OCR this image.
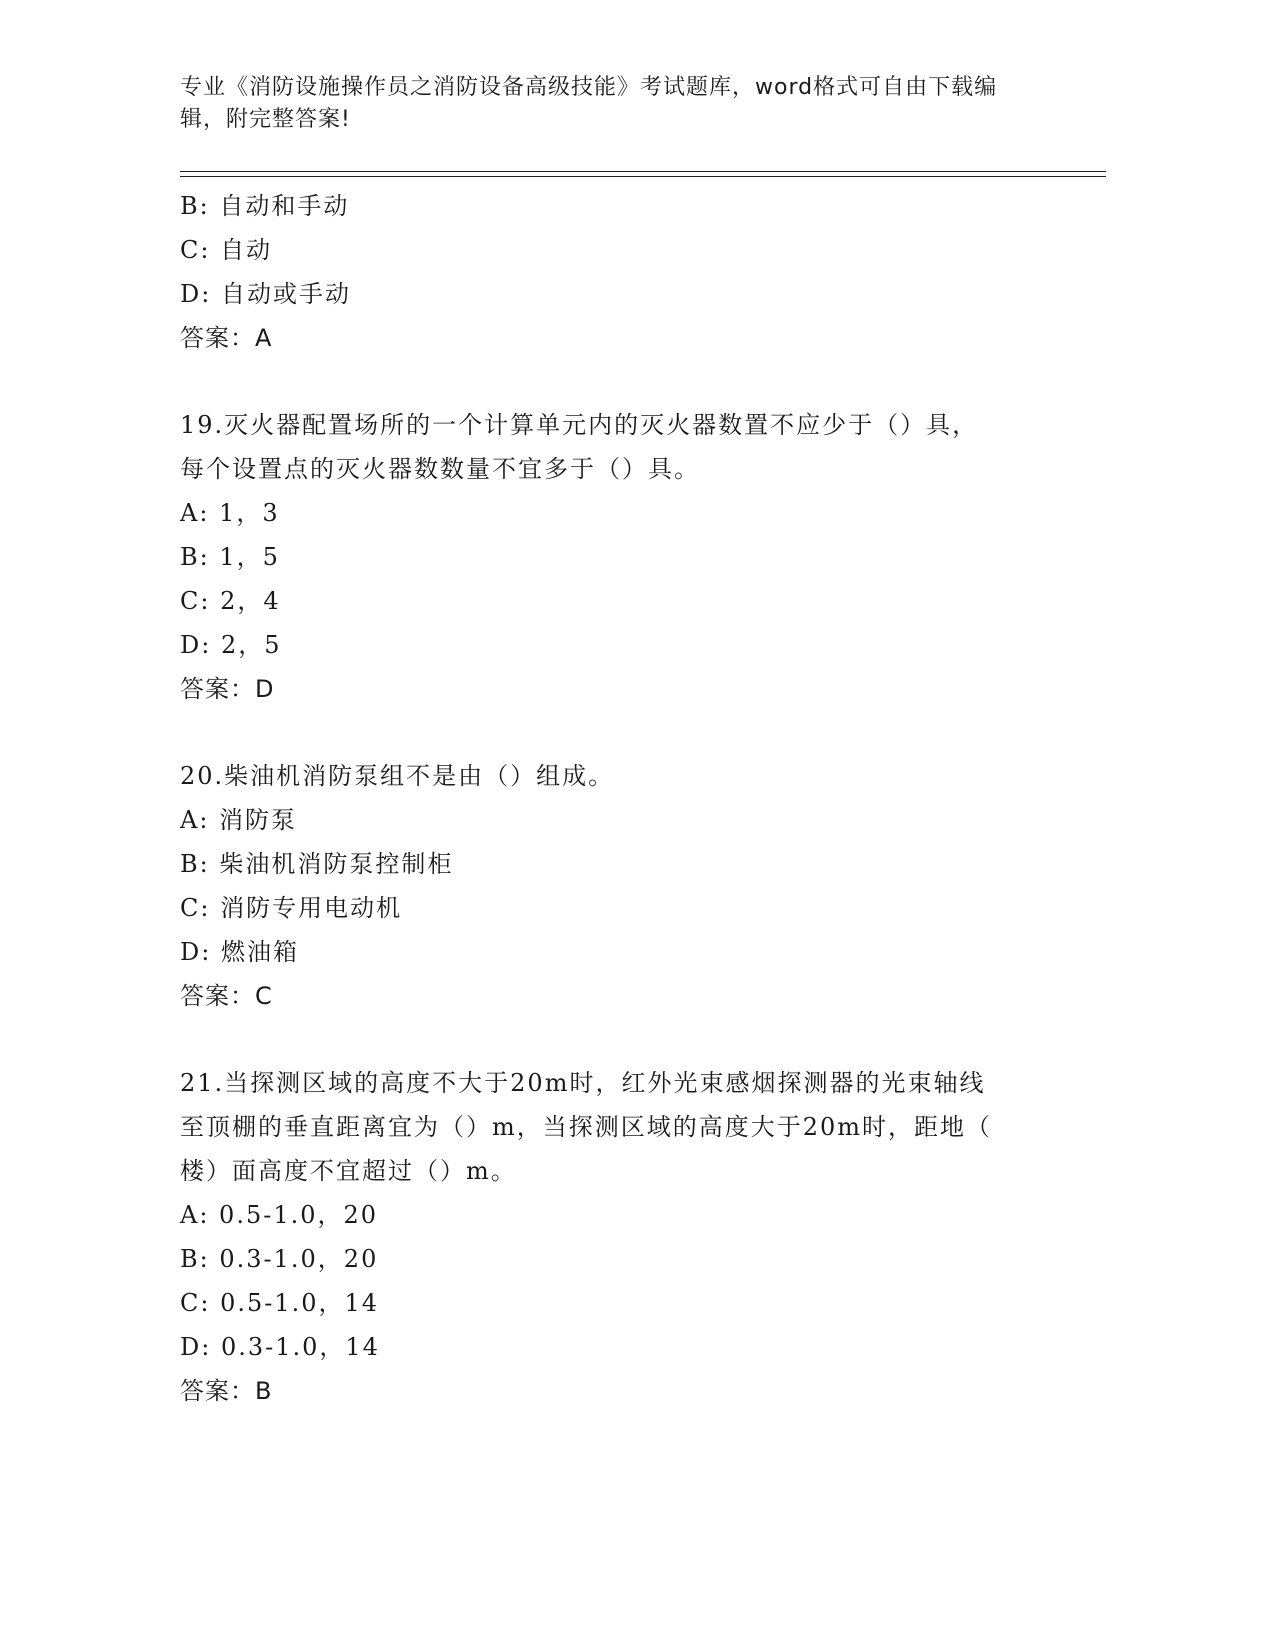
专业《消防设施操作员之消防设备高级技能》考试题库，word格式可自由下载编
辑，附完整答案!
B: 自动和手动
C: 自动
D: 自动或手动
答案：A
19.灭火器配置场所的一个计算单元内的灭火器数置不应少于（）具，
每个设置点的灭火器数数量不宜多于（）具。
A: 1，3
B: 1，5
C: 2，4
D: 2，5
答案：D
20.柴油机消防泵组不是由（）组成。
A: 消防泵
B: 柴油机消防泵控制柜
C: 消防专用电动机
D: 燃油箱
答案：C
21.当探测区域的高度不大于20m时，红外光束感烟探测器的光束轴线
至顶棚的垂直距离宜为（）m，当探测区域的高度大于20m时，距地（
楼）面高度不宜超过（）m。
A: 0.5-1.0，20
B: 0.3-1.0，20
C: 0.5-1.0，14
D: 0.3-1.0，14
答案：B
